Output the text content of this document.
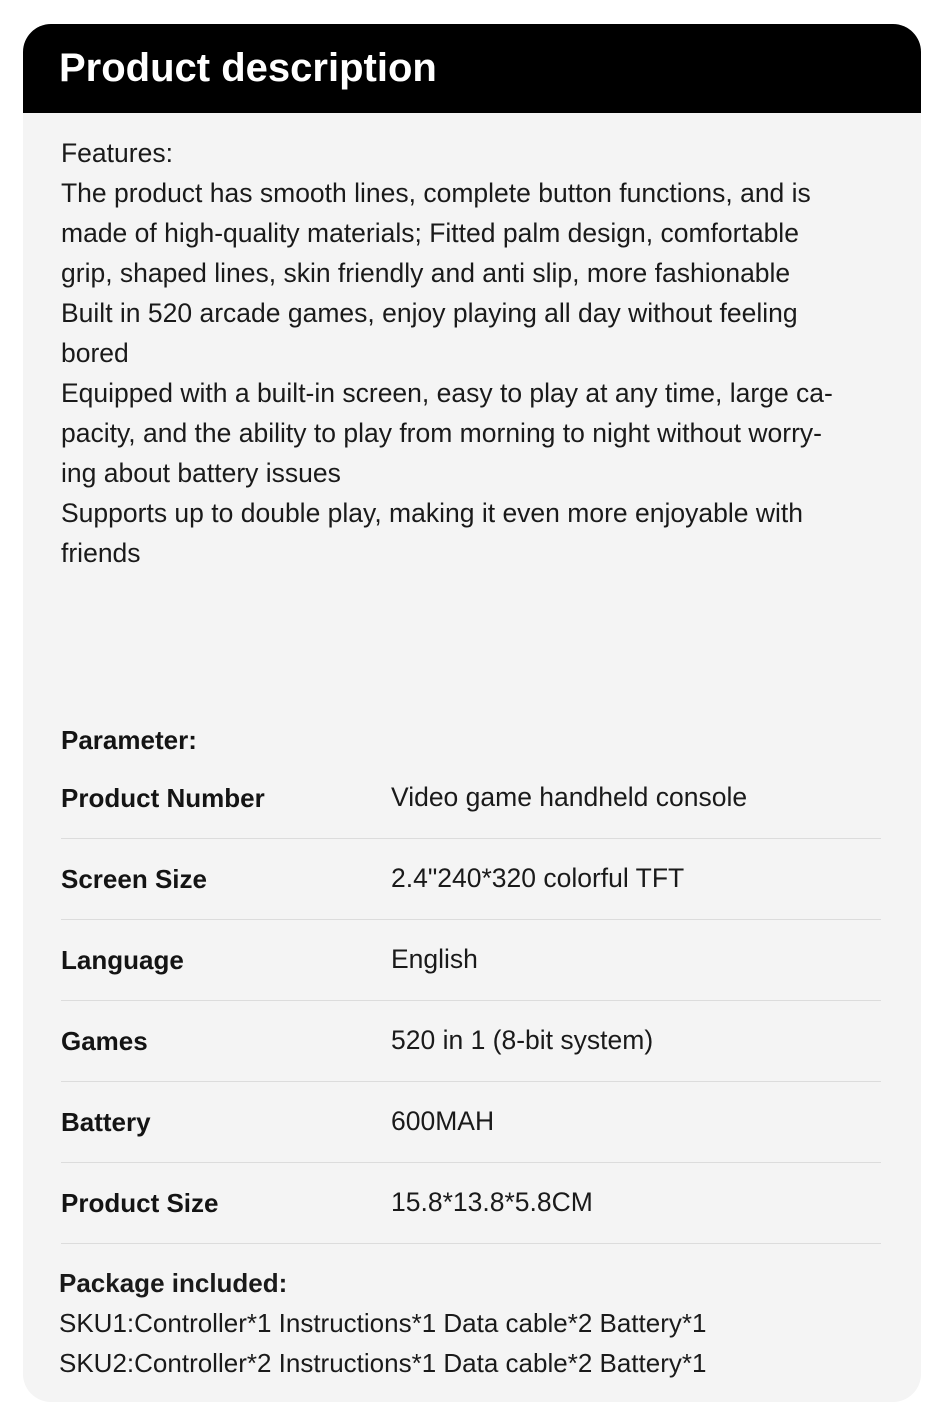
Product description
Features:
The product has smooth lines, complete button functions, and is
made of high-quality materials; Fitted palm design, comfortable
grip, shaped lines, skin friendly and anti slip, more fashionable
Built in 520 arcade games, enjoy playing all day without feeling
bored
Equipped with a built-in screen, easy to play at any time, large ca-
pacity, and the ability to play from morning to night without worry-
ing about battery issues
Supports up to double play, making it even more enjoyable with
friends
Parameter:
Product Number	Video game handheld console
Screen Size	2.4"240*320 colorful TFT
Language	English
Games	520 in 1 (8-bit system)
Battery	600MAH
Product Size	15.8*13.8*5.8CM
Package included:
SKU1:Controller*1 Instructions*1 Data cable*2 Battery*1
SKU2:Controller*2 Instructions*1 Data cable*2 Battery*1
